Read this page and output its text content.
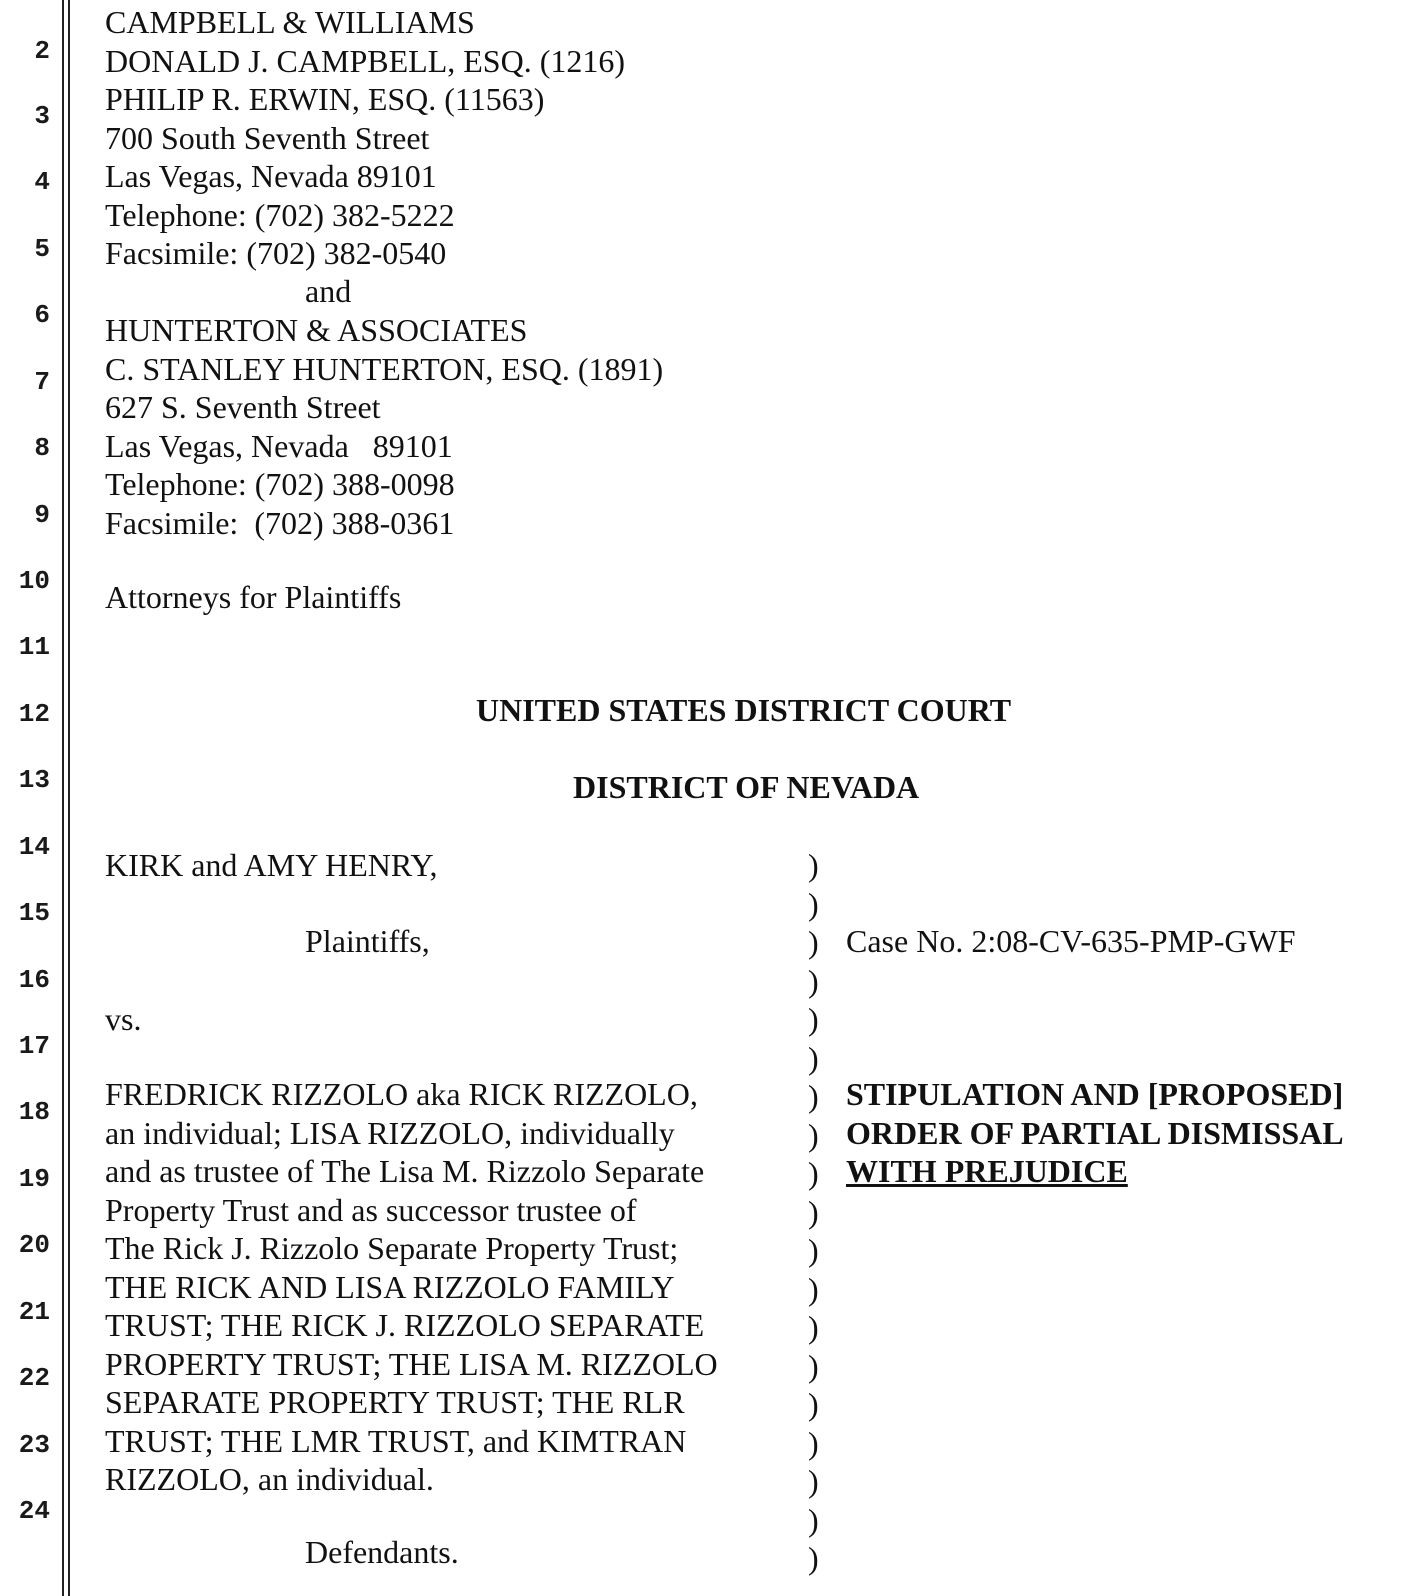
2
3
4
5
6
7
8
9
10
11
12
13
14
15
16
17
18
19
20
21
22
23
24
CAMPBELL & WILLIAMS
DONALD J. CAMPBELL, ESQ. (1216)
PHILIP R. ERWIN, ESQ. (11563)
700 South Seventh Street
Las Vegas, Nevada 89101
Telephone: (702) 382-5222
Facsimile: (702) 382-0540
and
HUNTERTON & ASSOCIATES
C. STANLEY HUNTERTON, ESQ. (1891)
627 S. Seventh Street
Las Vegas, Nevada   89101
Telephone: (702) 388-0098
Facsimile:  (702) 388-0361
Attorneys for Plaintiffs
UNITED STATES DISTRICT COURT
DISTRICT OF NEVADA
KIRK and AMY HENRY,
Plaintiffs,
vs.
FREDRICK RIZZOLO aka RICK RIZZOLO,
an individual; LISA RIZZOLO, individually
and as trustee of The Lisa M. Rizzolo Separate
Property Trust and as successor trustee of
The Rick J. Rizzolo Separate Property Trust;
THE RICK AND LISA RIZZOLO FAMILY
TRUST; THE RICK J. RIZZOLO SEPARATE
PROPERTY TRUST; THE LISA M. RIZZOLO
SEPARATE PROPERTY TRUST; THE RLR
TRUST; THE LMR TRUST, and KIMTRAN
RIZZOLO, an individual.
Defendants.
)
)
)
)
)
)
)
)
)
)
)
)
)
)
)
)
)
)
)
Case No. 2:08-CV-635-PMP-GWF
STIPULATION AND [PROPOSED]
ORDER OF PARTIAL DISMISSAL
WITH PREJUDICE
